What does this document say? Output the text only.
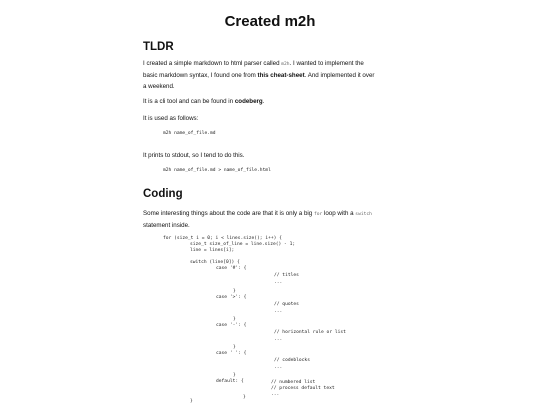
Created m2h
TLDR

I created a simple markdown to html parser called m2h. I wanted to implement the
basic markdown syntax, I found one from this cheat-sheet. And implemented it over
a weekend.

It is a cli tool and can be found in codeberg.

It is used as follows:

m2h name_of_file.md

It prints to stdout, so I tend to do this.

m2h name_of_file.md > name_of_file.html
Coding

Some interesting things about the code are that it is only a big for loop with a switch
statement inside.

for (size_t i = 0; i < lines.size(); i++) {
size_t size_of_line = line.size() - 1;
line = lines[i];
switch (line[0]) {
case '#': {
// titles
...
}
case '>': {
// quotes
...
}
case '-': {
// horizontal rule or list
...
}
case ' ': {
// codeblocks
...
}
default: {	// numbered list
// process default text
...
}
}
